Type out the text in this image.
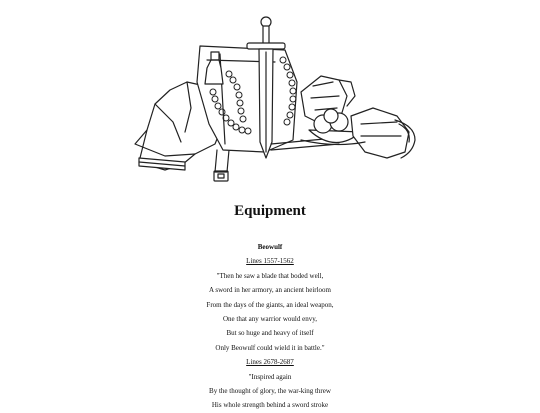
Equipment
Beowulf
Lines 1557-1562
"Then he saw a blade that boded well,
A sword in her armory, an ancient heirloom
From the days of the giants, an ideal weapon,
One that any warrior would envy,
But so huge and heavy of itself
Only Beowulf could wield it in battle."
Lines 2678-2687
"Inspired again
By the thought of glory, the war-king threw
His whole strength behind a sword stroke
